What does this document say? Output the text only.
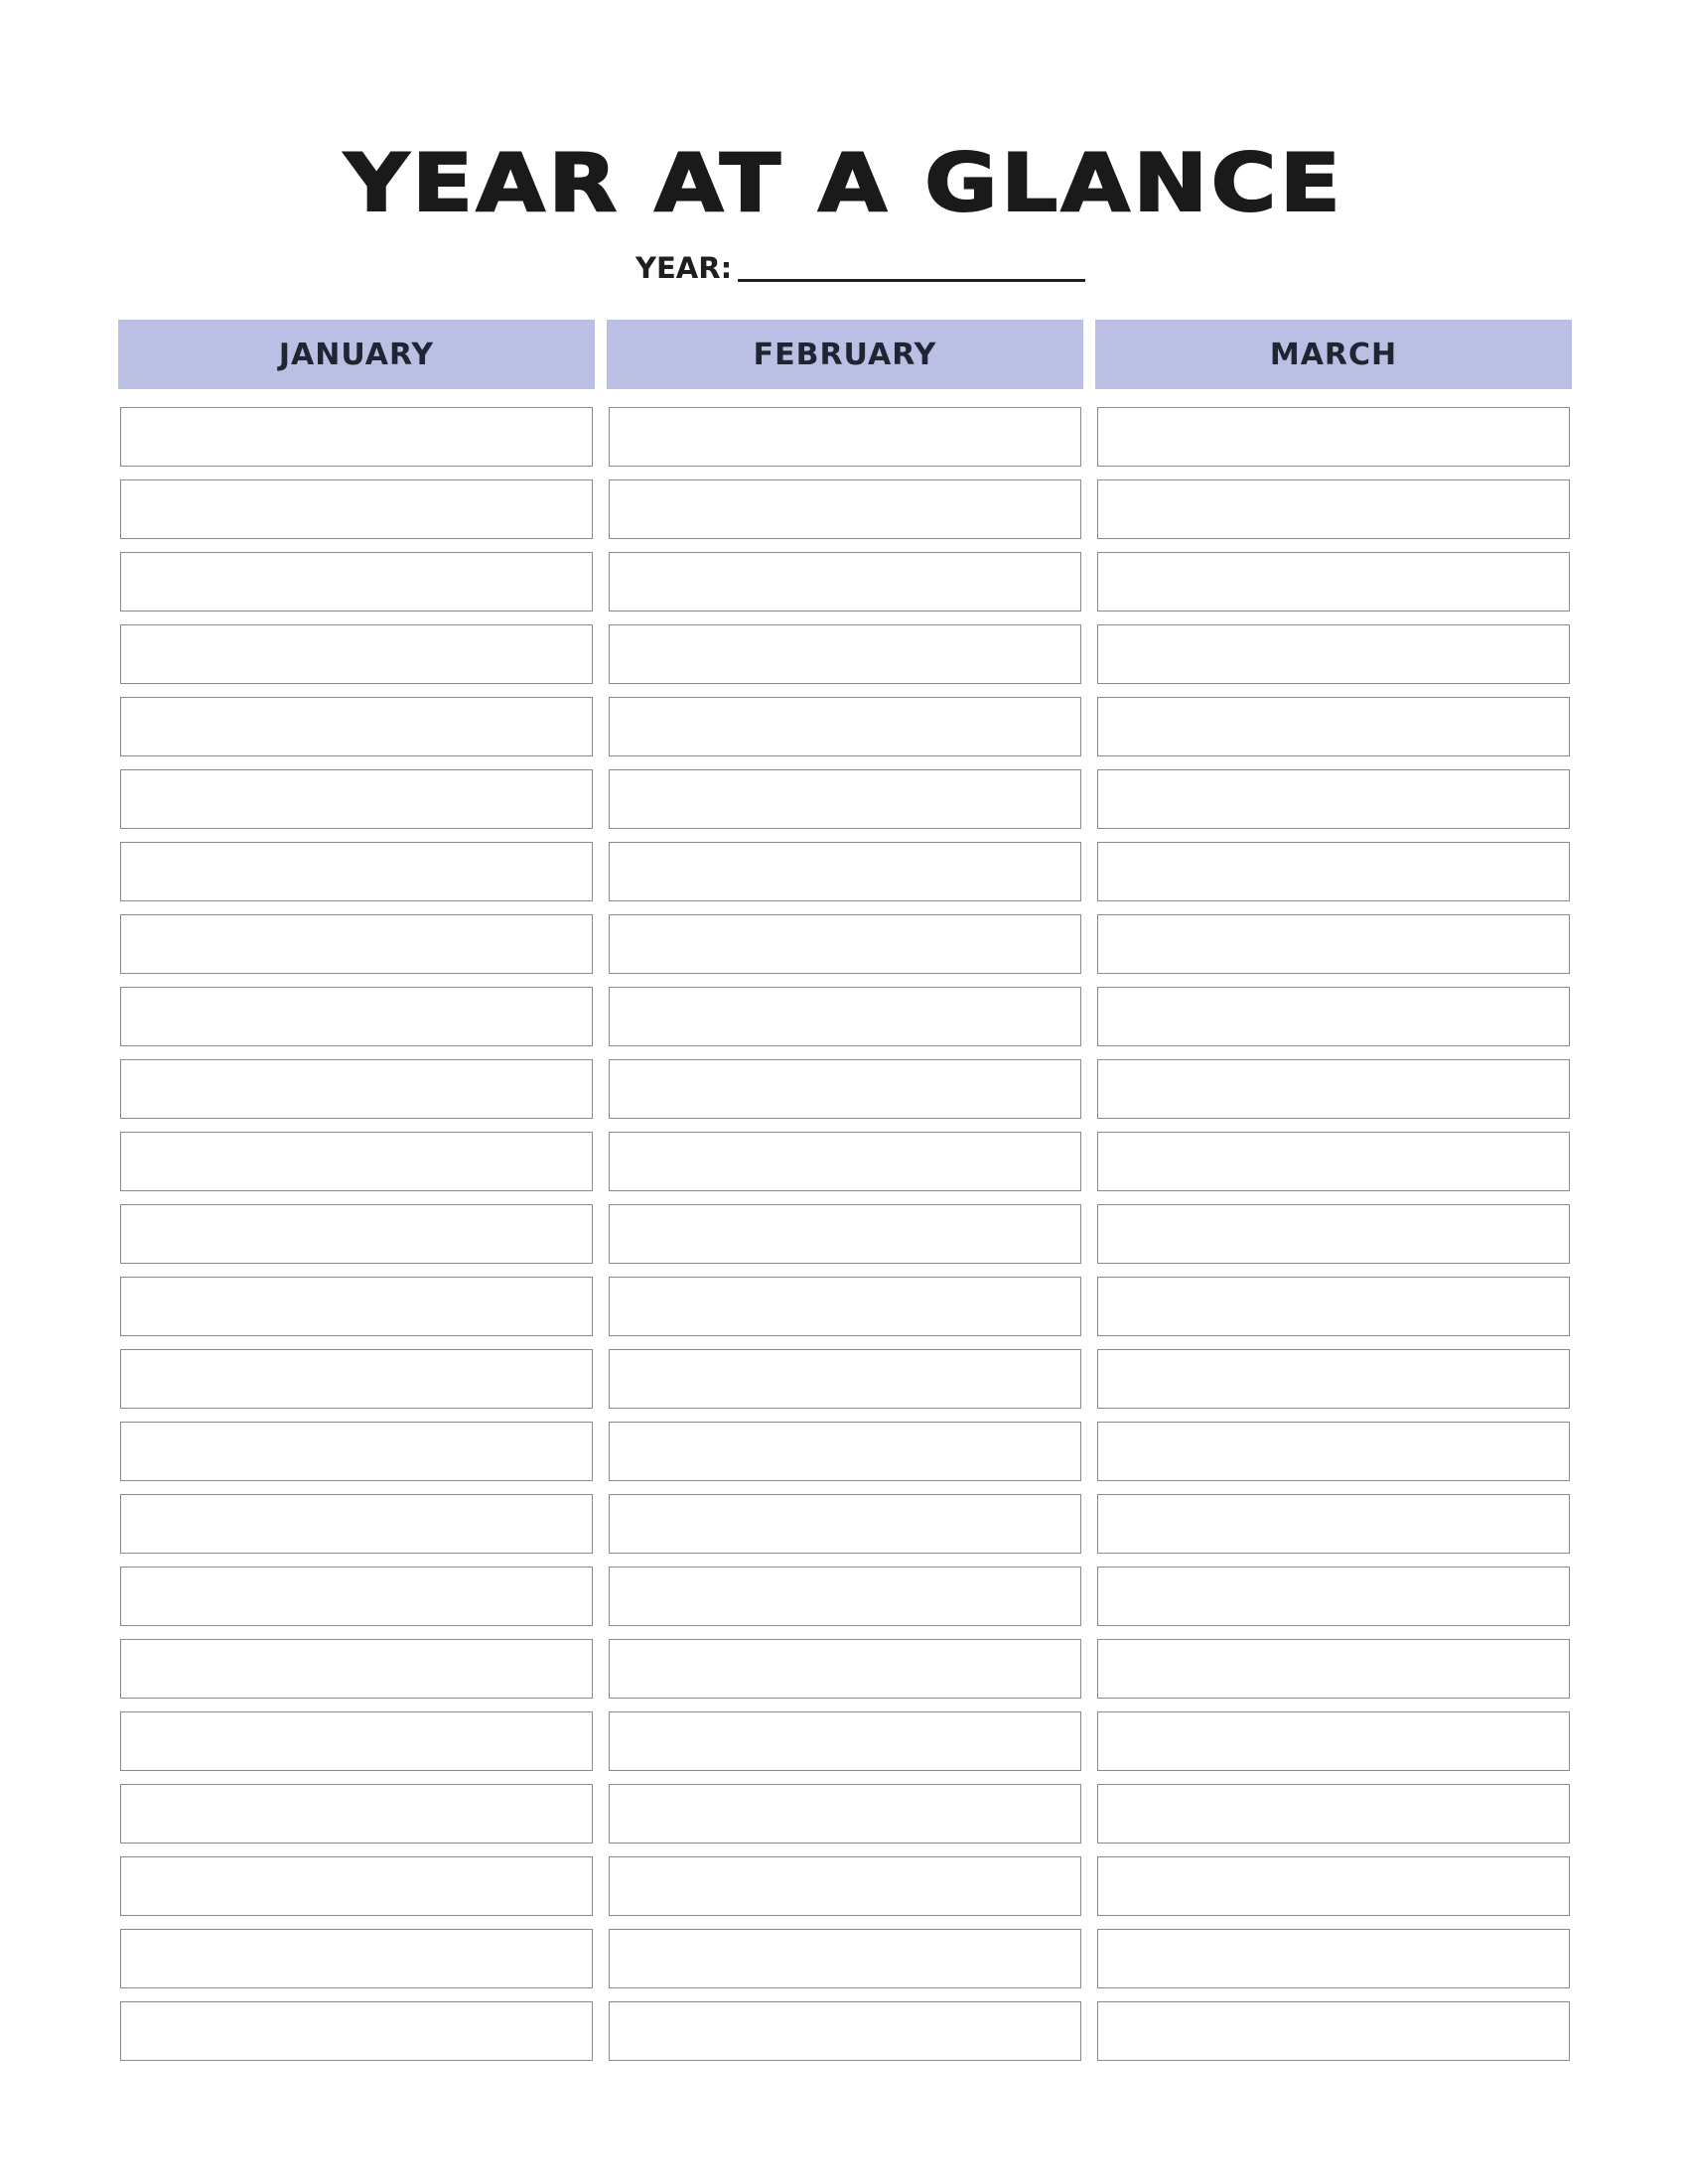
YEAR AT A GLANCE
YEAR:
JANUARY	FEBRUARY	MARCH
